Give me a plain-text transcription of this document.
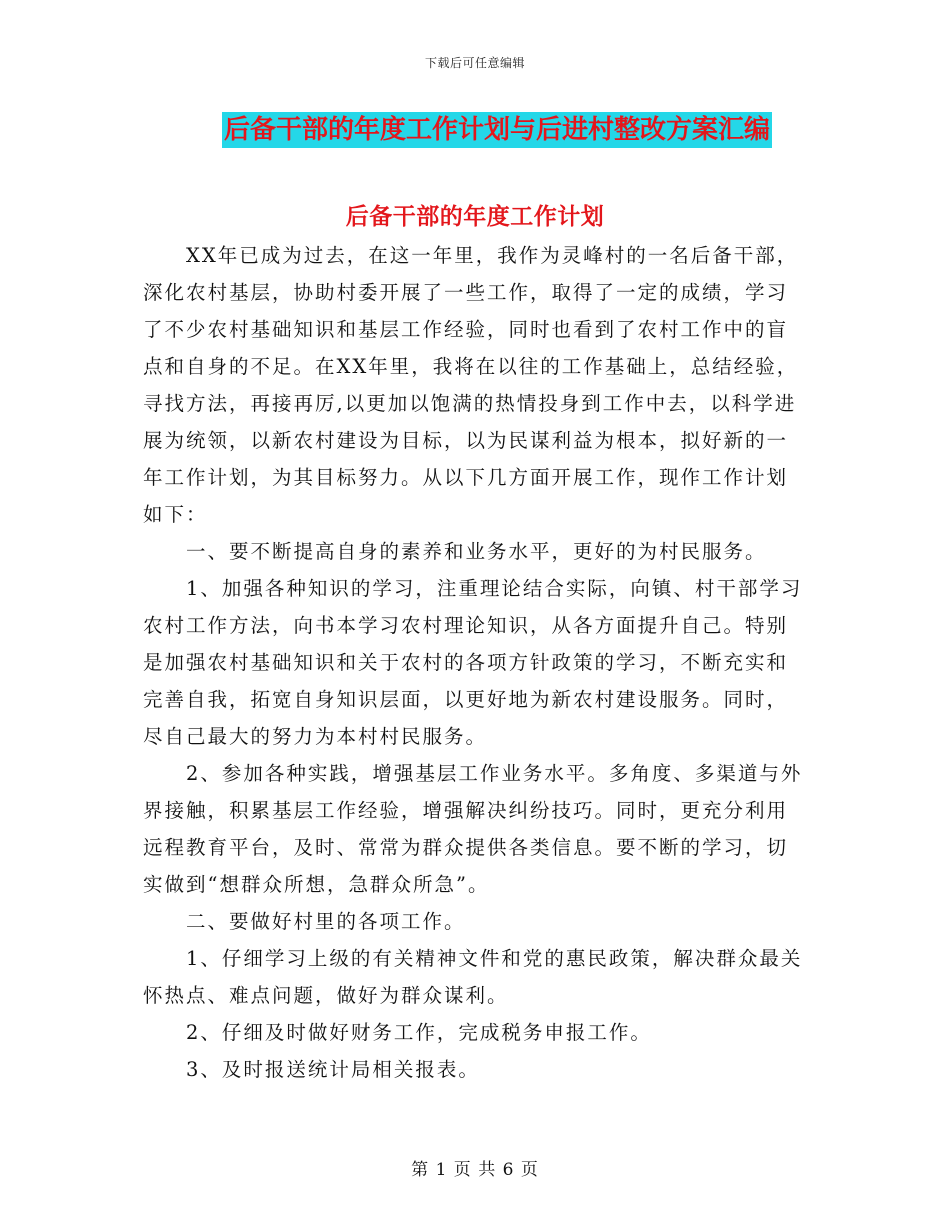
下载后可任意编辑
后备干部的年度工作计划与后进村整改方案汇编
后备干部的年度工作计划

　　XX年已成为过去，在这一年里，我作为灵峰村的一名后备干部，

深化农村基层，协助村委开展了一些工作，取得了一定的成绩，学习

了不少农村基础知识和基层工作经验，同时也看到了农村工作中的盲

点和自身的不足。在XX年里，我将在以往的工作基础上，总结经验，

寻找方法，再接再厉,以更加以饱满的热情投身到工作中去，以科学进

展为统领，以新农村建设为目标，以为民谋利益为根本，拟好新的一

年工作计划，为其目标努力。从以下几方面开展工作，现作工作计划

如下：

　　一、要不断提高自身的素养和业务水平，更好的为村民服务。

　　1、加强各种知识的学习，注重理论结合实际，向镇、村干部学习

农村工作方法，向书本学习农村理论知识，从各方面提升自己。特别

是加强农村基础知识和关于农村的各项方针政策的学习，不断充实和

完善自我，拓宽自身知识层面，以更好地为新农村建设服务。同时，

尽自己最大的努力为本村村民服务。

　　2、参加各种实践，增强基层工作业务水平。多角度、多渠道与外

界接触，积累基层工作经验，增强解决纠纷技巧。同时，更充分利用

远程教育平台，及时、常常为群众提供各类信息。要不断的学习，切

实做到“想群众所想，急群众所急”。

　　二、要做好村里的各项工作。

　　1、仔细学习上级的有关精神文件和党的惠民政策，解决群众最关

怀热点、难点问题，做好为群众谋利。

　　2、仔细及时做好财务工作，完成税务申报工作。

　　3、及时报送统计局相关报表。

第 1 页 共 6 页
